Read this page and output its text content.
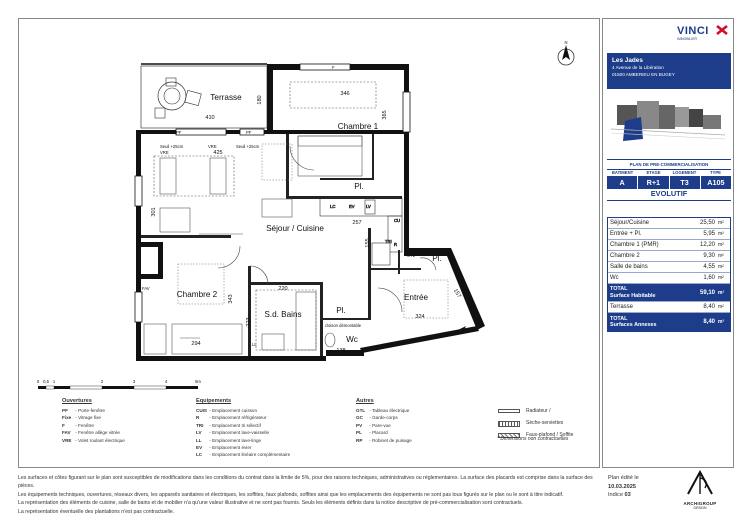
N
Terrasse
410
180
LC	EV	LV
CU
R
TRI
Chambre 1
Séjour / Cuisine
Chambre 2
S.d. Bains
Entrée
Wc
Pl.
Pl.
Pl.
GTL
cloison démontable
346
365
425
301
257
155
220
343
223
294
138
324
157
Seuil +25cm
VRE
Seuil +25cm
VRE
PF	PF
F
FAV
LL
0 0,5 1	2	3	4	5m
Ouvertures
PF - Porte-fenêtre
Fixe - Vitrage fixe
F - Fenêtre
FAV - Fenêtre allège vitrée
VRE - Volet roulant électrique
Equipements
CUIS - Emplacement cuisson
R - Emplacement réfrigérateur
TRI - Emplacement tri sélectif
LV - Emplacement lave-vaisselle
LL - Emplacement lave-linge
EV - Emplacement évier
LC - Emplacement linéaire complémentaire
Autres
GTL - Tableau électrique
GC - Garde-corps
PV - Pare-vue
PL - Placard
RP - Robinet de puisage
Radiateur /
Sèche-serviettes
Faux-plafond / Soffite
* Dimensions non contractuelles
VINCI
IMMOBILIER
Les Jades
4 Avenue de la Libération
01500 AMBERIEU EN BUGEY
PLAN DE PRE-COMMERCIALISATION
BATIMENT	ETAGE	LOGEMENT	TYPE
A	R+1	T3	A105
EVOLUTIF
Séjour/Cuisine	25,50 m²
Entrée + Pl.	5,95 m²
Chambre 1 (PMR)	12,20 m²
Chambre 2	9,30 m²
Salle de bains	4,55 m²
Wc	1,60 m²
TOTAL
Surface Habitable	59,10 m²
Terrasse	8,40 m²
TOTAL
Surfaces Annexes	8,40 m²
Les surfaces et côtes figurant sur le plan sont susceptibles de modifications dans les conditions du contrat dans la limite de 5%, pour des raisons techniques, administratives ou réglementaires. La surface des placards est comprise dans la surface des pièces.
Les équipements techniques, ouvertures, réseaux divers, les appareils sanitaires et électriques, les soffites, faux plafonds, soffites ainsi que les emplacements des équipements ne sont pas tous figurés sur le plan ou le sont à titre indicatif.
La représentation des éléments de cuisine, salle de bains et de mobilier n'a qu'une valeur illustrative et ne sont pas fournis. Seuls les éléments définis dans la notice descriptive de pré-commercialisation sont contractuels.
La représentation éventuelle des plantations n'est pas contractuelle.
Plan édité le
10.03.2025
Indice 03
ARCHIGROUP
DESIGN
